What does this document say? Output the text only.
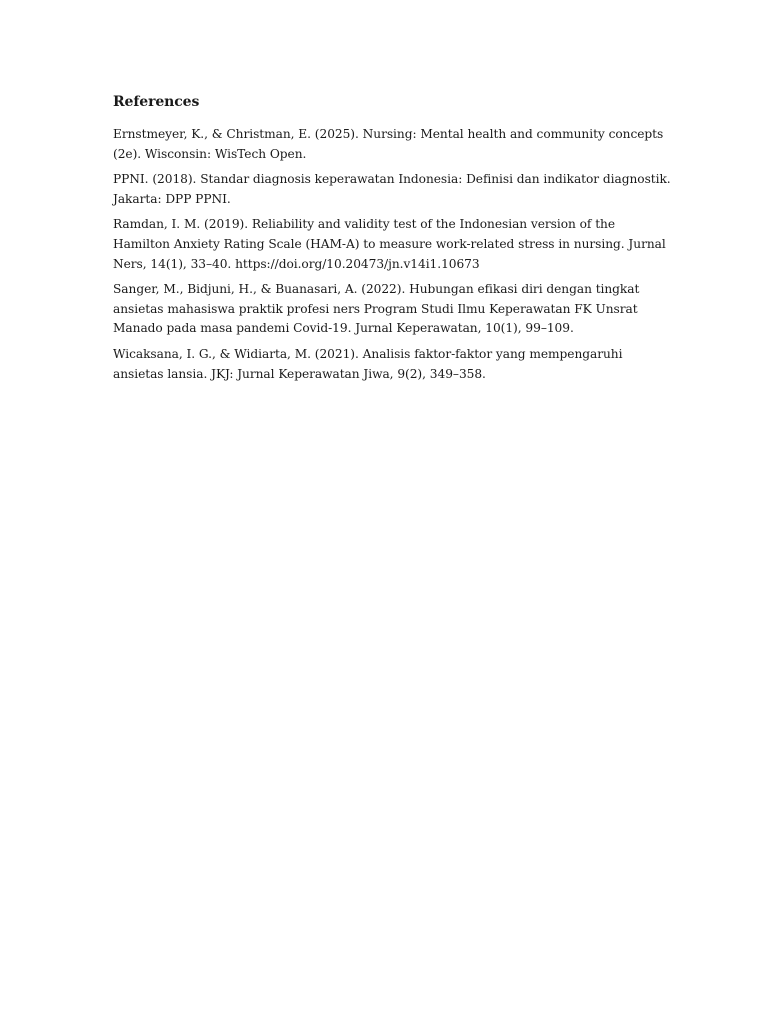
References

Ernstmeyer, K., & Christman, E. (2025). Nursing: Mental health and community concepts (2e). Wisconsin: WisTech Open.

PPNI. (2018). Standar diagnosis keperawatan Indonesia: Definisi dan indikator diagnostik. Jakarta: DPP PPNI.

Ramdan, I. M. (2019). Reliability and validity test of the Indonesian version of the Hamilton Anxiety Rating Scale (HAM-A) to measure work-related stress in nursing. Jurnal Ners, 14(1), 33–40. https://doi.org/10.20473/jn.v14i1.10673

Sanger, M., Bidjuni, H., & Buanasari, A. (2022). Hubungan efikasi diri dengan tingkat ansietas mahasiswa praktik profesi ners Program Studi Ilmu Keperawatan FK Unsrat Manado pada masa pandemi Covid-19. Jurnal Keperawatan, 10(1), 99–109.

Wicaksana, I. G., & Widiarta, M. (2021). Analisis faktor-faktor yang mempengaruhi ansietas lansia. JKJ: Jurnal Keperawatan Jiwa, 9(2), 349–358.
